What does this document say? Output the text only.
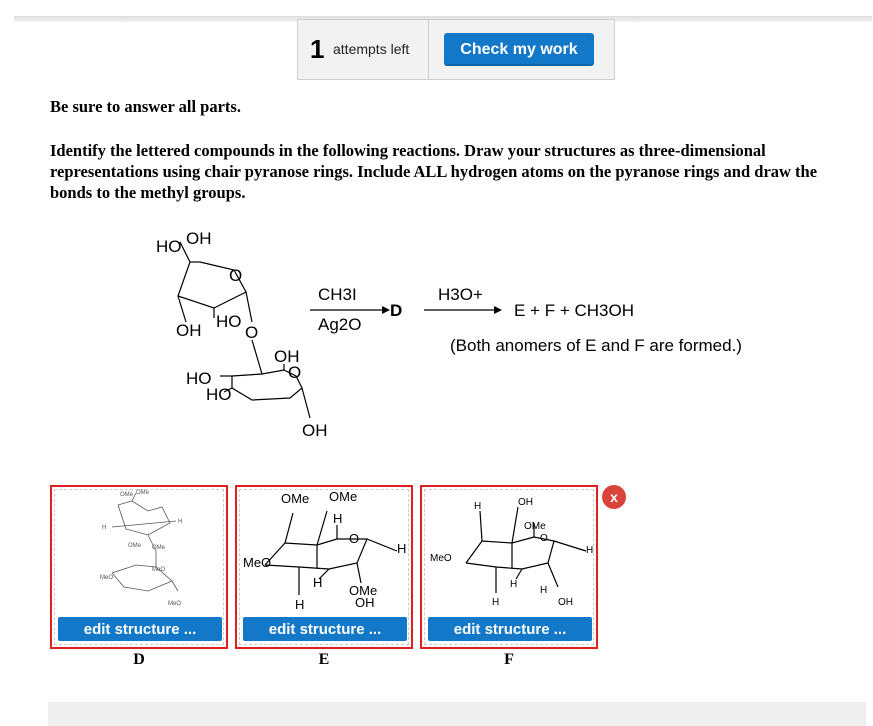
1 attempts left	Check my work
Be sure to answer all parts.
Identify the lettered compounds in the following reactions. Draw your structures as three-dimensional representations using chair pyranose rings. Include ALL hydrogen atoms on the pyranose rings and draw the bonds to the methyl groups.
HO OH
O
HO
OH	O
OH
O
HO
HO
OH
CH3I
Ag2O
D
H3O+
E + F + CH3OH
(Both anomers of E and F are formed.)
OMe OMe
H
H
OMe OMe
MeO
MeO
MeO
edit structure ...
D
OMe OMe
H
O
H
MeO
H
OMe
OH
H
edit structure ...
E
H	OH
OMe
O
H
MeO
H
H
OH
H
edit structure ...
F
x
